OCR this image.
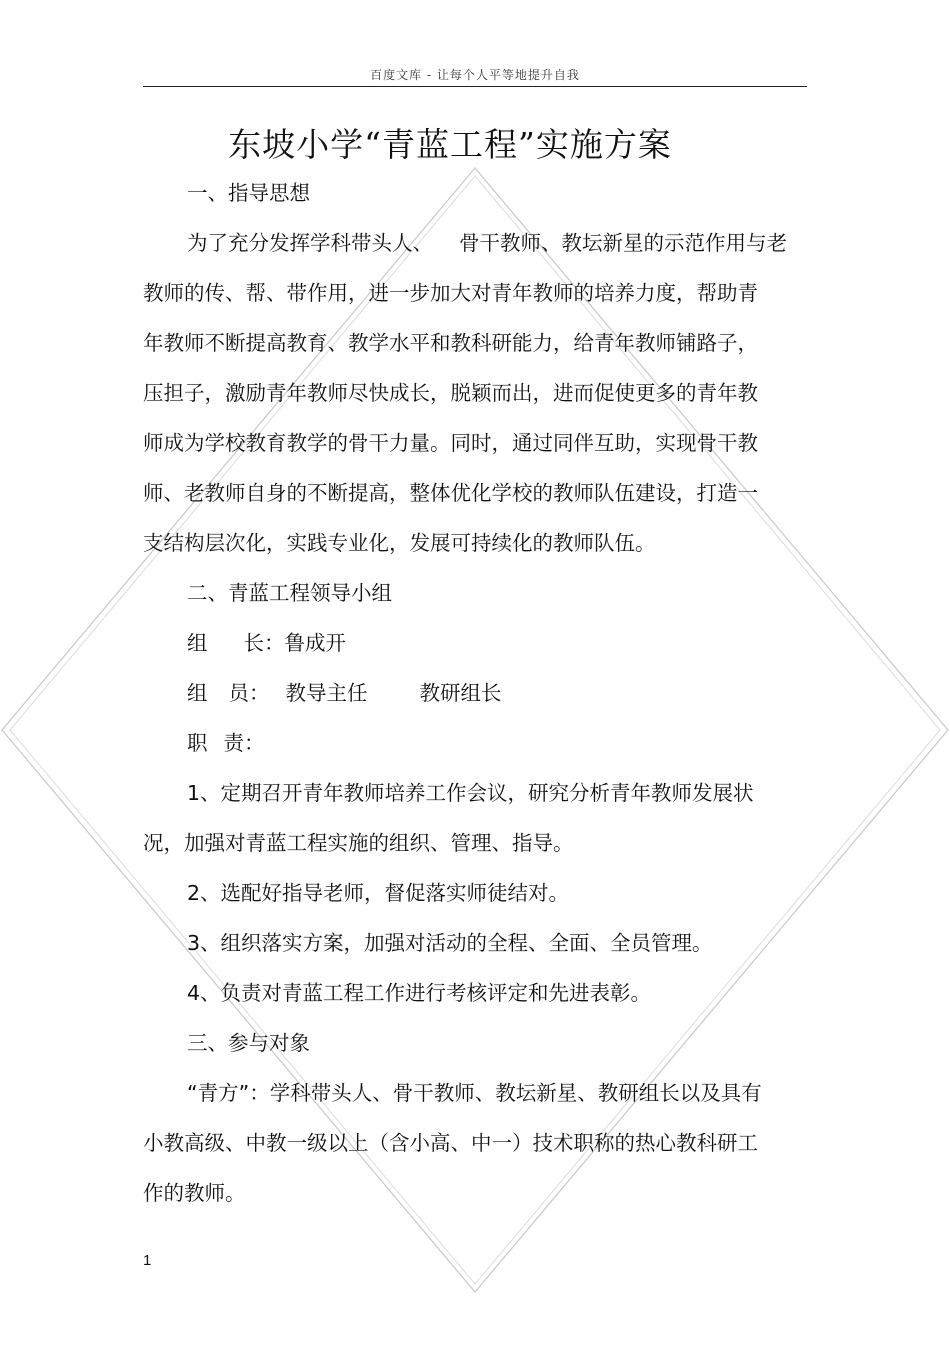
百度文库 - 让每个人平等地提升自我
东坡小学“青蓝工程”实施方案
一、指导思想
为了充分发挥学科带头人、 骨干教师、教坛新星的示范作用与老
教师的传、帮、带作用，进一步加大对青年教师的培养力度，帮助青
年教师不断提高教育、教学水平和教科研能力，给青年教师铺路子，
压担子，激励青年教师尽快成长，脱颖而出，进而促使更多的青年教
师成为学校教育教学的骨干力量。同时，通过同伴互助，实现骨干教
师、老教师自身的不断提高，整体优化学校的教师队伍建设，打造一
支结构层次化，实践专业化，发展可持续化的教师队伍。
二、青蓝工程领导小组
组 长：鲁成开
组 员： 教导主任	教研组长
职 责：
1、定期召开青年教师培养工作会议，研究分析青年教师发展状
况，加强对青蓝工程实施的组织、管理、指导。
2、选配好指导老师，督促落实师徒结对。
3、组织落实方案，加强对活动的全程、全面、全员管理。
4、负责对青蓝工程工作进行考核评定和先进表彰。
三、参与对象
“青方”：学科带头人、骨干教师、教坛新星、教研组长以及具有
小教高级、中教一级以上（含小高、中一）技术职称的热心教科研工
作的教师。
1
